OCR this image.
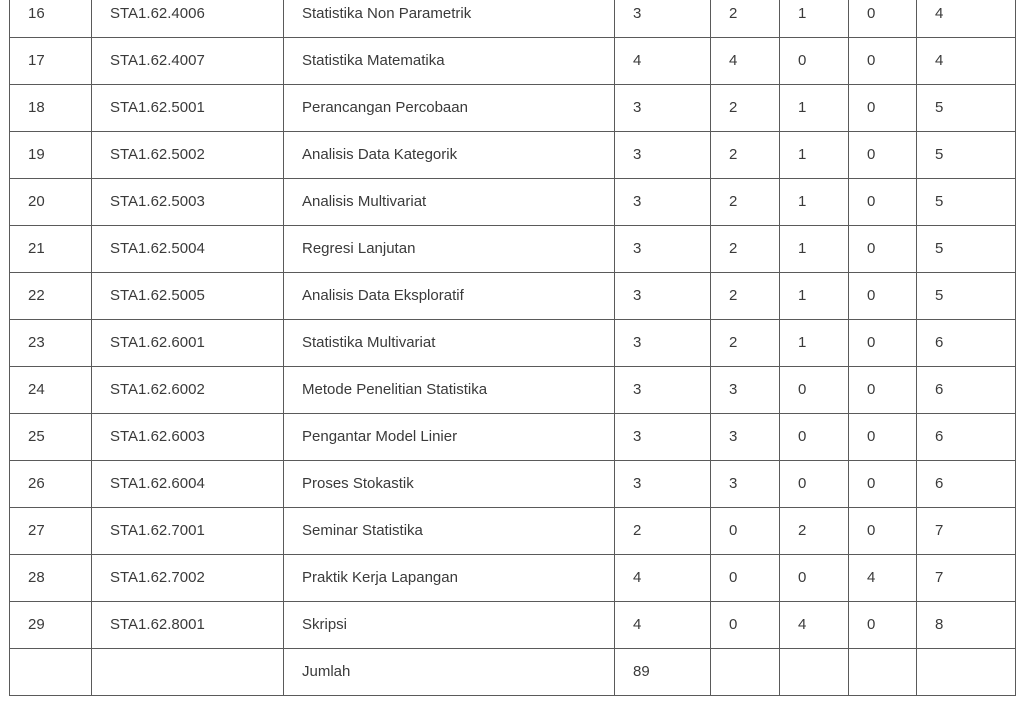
16	STA1.62.4006	Statistika Non Parametrik	3	2	1	0	4
17	STA1.62.4007	Statistika Matematika	4	4	0	0	4
18	STA1.62.5001	Perancangan Percobaan	3	2	1	0	5
19	STA1.62.5002	Analisis Data Kategorik	3	2	1	0	5
20	STA1.62.5003	Analisis Multivariat	3	2	1	0	5
21	STA1.62.5004	Regresi Lanjutan	3	2	1	0	5
22	STA1.62.5005	Analisis Data Eksploratif	3	2	1	0	5
23	STA1.62.6001	Statistika Multivariat	3	2	1	0	6
24	STA1.62.6002	Metode Penelitian Statistika	3	3	0	0	6
25	STA1.62.6003	Pengantar Model Linier	3	3	0	0	6
26	STA1.62.6004	Proses Stokastik	3	3	0	0	6
27	STA1.62.7001	Seminar Statistika	2	0	2	0	7
28	STA1.62.7002	Praktik Kerja Lapangan	4	0	0	4	7
29	STA1.62.8001	Skripsi	4	0	4	0	8
		Jumlah	89				
